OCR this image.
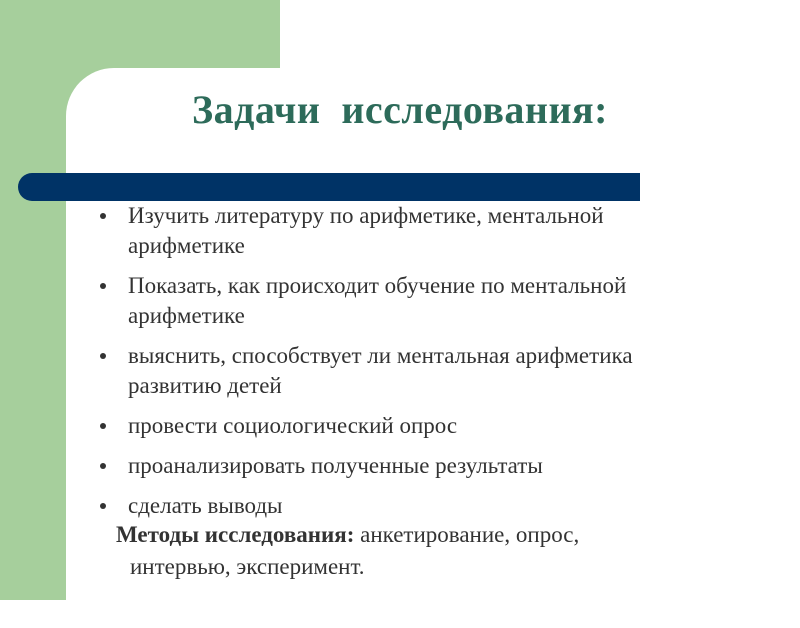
Задачи  исследования:
Изучить литературу по арифметике, ментальной
арифметике
Показать, как происходит обучение по ментальной
арифметике
выяснить, способствует ли ментальная арифметика
развитию детей
провести социологический опрос
проанализировать полученные результаты
сделать выводы

Методы исследования: анкетирование, опрос,
интервью, эксперимент.
